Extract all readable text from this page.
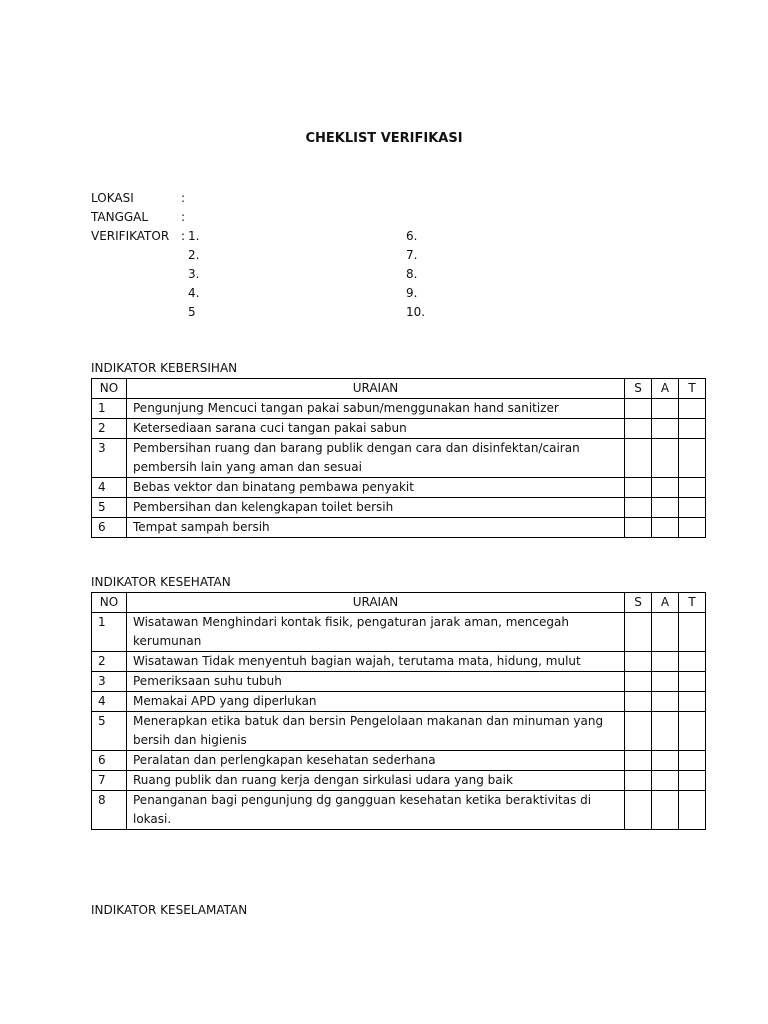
CHEKLIST VERIFIKASI
LOKASI	:
TANGGAL	:
VERIFIKATOR : 1.	6.
2.	7.
3.	8.
4.	9.
5	10.
INDIKATOR KEBERSIHAN
NO	URAIAN	S	A	T
1	Pengunjung Mencuci tangan pakai sabun/menggunakan hand sanitizer			
2	Ketersediaan sarana cuci tangan pakai sabun			
3	Pembersihan ruang dan barang publik dengan cara dan disinfektan/cairan pembersih lain yang aman dan sesuai			
4	Bebas vektor dan binatang pembawa penyakit			
5	Pembersihan dan kelengkapan toilet bersih			
6	Tempat sampah bersih			
INDIKATOR KESEHATAN
NO	URAIAN	S	A	T
1	Wisatawan Menghindari kontak fisik, pengaturan jarak aman, mencegah kerumunan			
2	Wisatawan Tidak menyentuh bagian wajah, terutama mata, hidung, mulut			
3	Pemeriksaan suhu tubuh			
4	Memakai APD yang diperlukan			
5	Menerapkan etika batuk dan bersin Pengelolaan makanan dan minuman yang bersih dan higienis			
6	Peralatan dan perlengkapan kesehatan sederhana			
7	Ruang publik dan ruang kerja dengan sirkulasi udara yang baik			
8	Penanganan bagi pengunjung dg gangguan kesehatan ketika beraktivitas di lokasi.			
INDIKATOR KESELAMATAN
